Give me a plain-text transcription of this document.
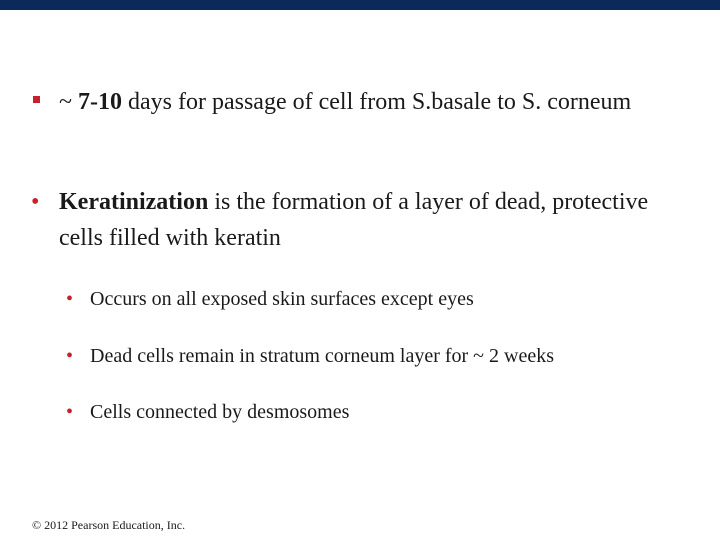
~ 7-10 days for passage of cell from S.basale to S. corneum
• Keratinization is the formation of a layer of dead, protective cells filled with keratin
• Occurs on all exposed skin surfaces except eyes
• Dead cells remain in stratum corneum layer for ~ 2 weeks
• Cells connected by desmosomes
© 2012 Pearson Education, Inc.
